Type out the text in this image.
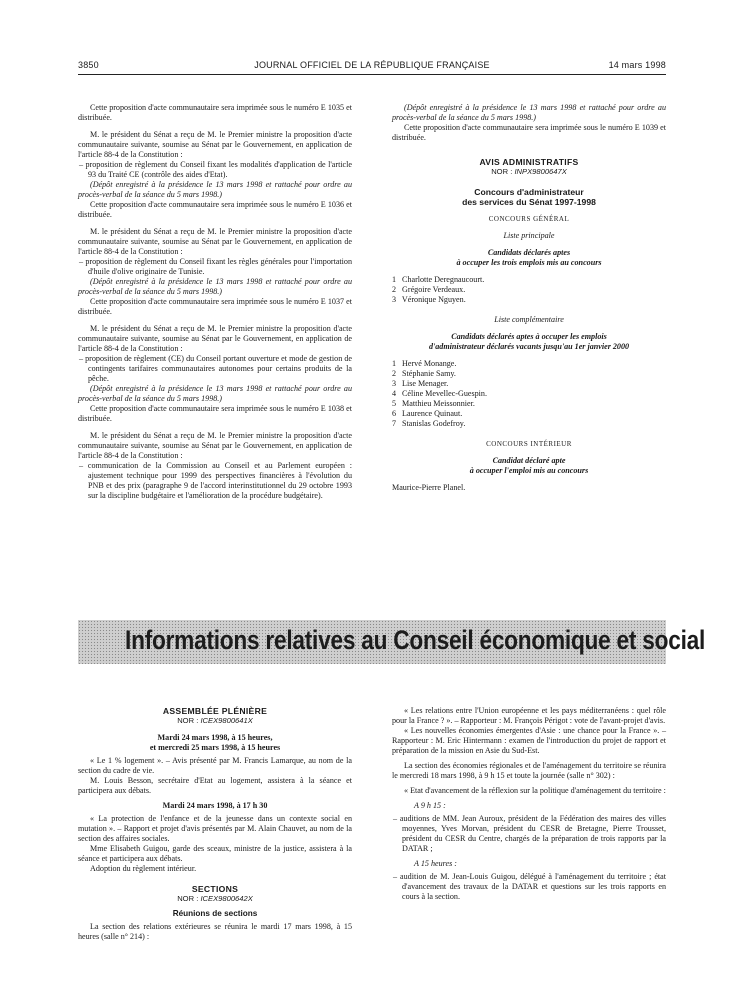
3850	JOURNAL OFFICIEL DE LA RÉPUBLIQUE FRANÇAISE	14 mars 1998

Cette proposition d'acte communautaire sera imprimée sous le numéro E 1035 et distribuée.

M. le président du Sénat a reçu de M. le Premier ministre la proposition d'acte communautaire suivante, soumise au Sénat par le Gouvernement, en application de l'article 88-4 de la Constitution :

– proposition de règlement du Conseil fixant les modalités d'application de l'article 93 du Traité CE (contrôle des aides d'Etat).

(Dépôt enregistré à la présidence le 13 mars 1998 et rattaché pour ordre au procès-verbal de la séance du 5 mars 1998.)

Cette proposition d'acte communautaire sera imprimée sous le numéro E 1036 et distribuée.

M. le président du Sénat a reçu de M. le Premier ministre la proposition d'acte communautaire suivante, soumise au Sénat par le Gouvernement, en application de l'article 88-4 de la Constitution :

– proposition de règlement du Conseil fixant les règles générales pour l'importation d'huile d'olive originaire de Tunisie.

(Dépôt enregistré à la présidence le 13 mars 1998 et rattaché pour ordre au procès-verbal de la séance du 5 mars 1998.)

Cette proposition d'acte communautaire sera imprimée sous le numéro E 1037 et distribuée.

M. le président du Sénat a reçu de M. le Premier ministre la proposition d'acte communautaire suivante, soumise au Sénat par le Gouvernement, en application de l'article 88-4 de la Constitution :

– proposition de règlement (CE) du Conseil portant ouverture et mode de gestion de contingents tarifaires communautaires autonomes pour certains produits de la pêche.

(Dépôt enregistré à la présidence le 13 mars 1998 et rattaché pour ordre au procès-verbal de la séance du 5 mars 1998.)

Cette proposition d'acte communautaire sera imprimée sous le numéro E 1038 et distribuée.

M. le président du Sénat a reçu de M. le Premier ministre la proposition d'acte communautaire suivante, soumise au Sénat par le Gouvernement, en application de l'article 88-4 de la Constitution :

– communication de la Commission au Conseil et au Parlement européen : ajustement technique pour 1999 des perspectives financières à l'évolution du PNB et des prix (paragraphe 9 de l'accord interinstitutionnel du 29 octobre 1993 sur la discipline budgétaire et l'amélioration de la procédure budgétaire).

(Dépôt enregistré à la présidence le 13 mars 1998 et rattaché pour ordre au procès-verbal de la séance du 5 mars 1998.)

Cette proposition d'acte communautaire sera imprimée sous le numéro E 1039 et distribuée.

AVIS ADMINISTRATIFS

NOR : INPX9800647X

Concours d'administrateur

des services du Sénat 1997-1998

CONCOURS GÉNÉRAL

Liste principale

Candidats déclarés aptes

à occuper les trois emplois mis au concours

1 Charlotte Deregnaucourt.

2 Grégoire Verdeaux.

3 Véronique Nguyen.

Liste complémentaire

Candidats déclarés aptes à occuper les emplois

d'administrateur déclarés vacants jusqu'au 1er janvier 2000

1 Hervé Monange.

2 Stéphanie Samy.

3 Lise Menager.

4 Céline Mevellec-Guespin.

5 Matthieu Meissonnier.

6 Laurence Quinaut.

7 Stanislas Godefroy.

CONCOURS INTÉRIEUR

Candidat déclaré apte

à occuper l'emploi mis au concours

Maurice-Pierre Planel.

Informations relatives au Conseil économique et social

ASSEMBLÉE PLÉNIÈRE

NOR : ICEX9800641X

Mardi 24 mars 1998, à 15 heures,

et mercredi 25 mars 1998, à 15 heures

« Le 1 % logement ». – Avis présenté par M. Francis Lamarque, au nom de la section du cadre de vie.

M. Louis Besson, secrétaire d'Etat au logement, assistera à la séance et participera aux débats.

Mardi 24 mars 1998, à 17 h 30

« La protection de l'enfance et de la jeunesse dans un contexte social en mutation ». – Rapport et projet d'avis présentés par M. Alain Chauvet, au nom de la section des affaires sociales.

Mme Elisabeth Guigou, garde des sceaux, ministre de la justice, assistera à la séance et participera aux débats.

Adoption du règlement intérieur.

SECTIONS

NOR : ICEX9800642X

Réunions de sections

La section des relations extérieures se réunira le mardi 17 mars 1998, à 15 heures (salle n° 214) :

« Les relations entre l'Union européenne et les pays méditerranéens : quel rôle pour la France ? ». – Rapporteur : M. François Périgot : vote de l'avant-projet d'avis.

« Les nouvelles économies émergentes d'Asie : une chance pour la France ». – Rapporteur : M. Eric Hintermann : examen de l'introduction du projet de rapport et préparation de la mission en Asie du Sud-Est.

La section des économies régionales et de l'aménagement du territoire se réunira le mercredi 18 mars 1998, à 9 h 15 et toute la journée (salle n° 302) :

« Etat d'avancement de la réflexion sur la politique d'aménagement du territoire :

A 9 h 15 :

– auditions de MM. Jean Auroux, président de la Fédération des maires des villes moyennes, Yves Morvan, président du CESR de Bretagne, Pierre Trousset, président du CESR du Centre, chargés de la préparation de trois rapports par la DATAR ;

A 15 heures :

– audition de M. Jean-Louis Guigou, délégué à l'aménagement du territoire ; état d'avancement des travaux de la DATAR et questions sur les trois rapports en cours à la section.
